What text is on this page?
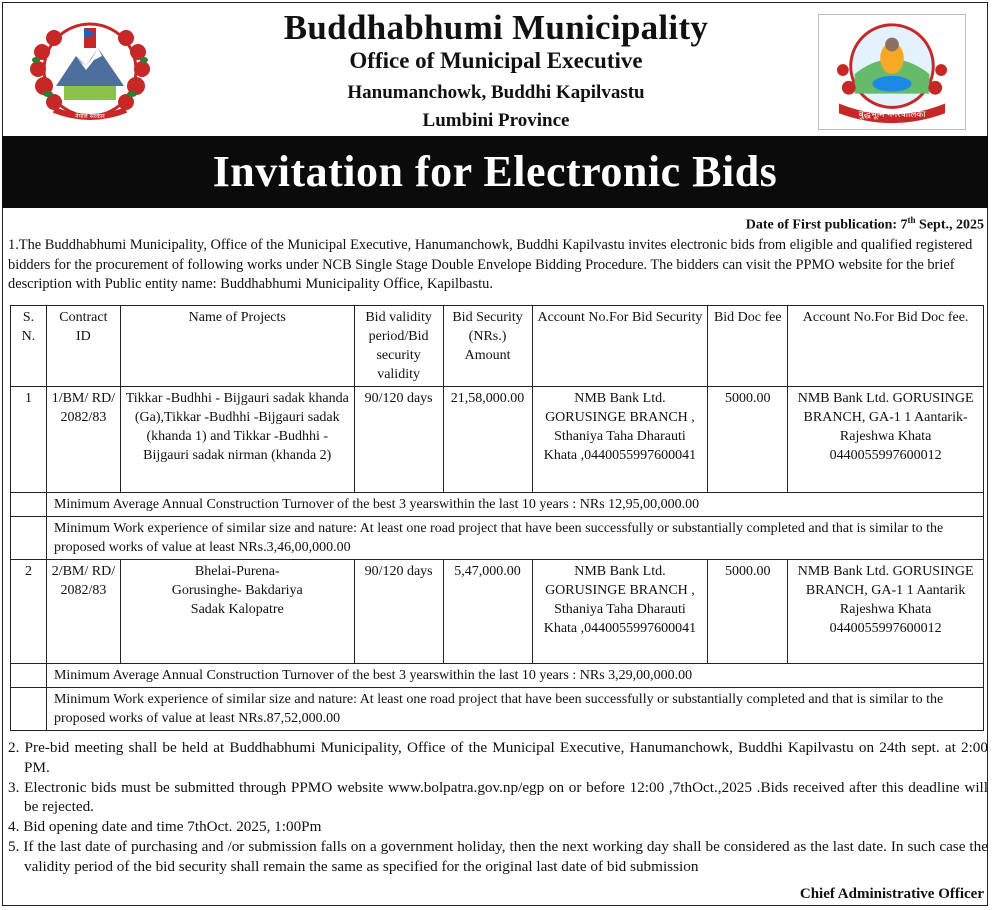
नेपाल सरकार
Buddhabhumi Municipality
Office of Municipal Executive
Hanumanchowk, Buddhi Kapilvastu
Lumbini Province	बुद्धभूमि नगरपालिका
Invitation for Electronic Bids
Date of First publication: 7th Sept., 2025

1.The Buddhabhumi Municipality, Office of the Municipal Executive, Hanumanchowk, Buddhi Kapilvastu invites electronic bids from eligible and qualified registered bidders for the procurement of following works under NCB Single Stage Double Envelope Bidding Procedure. The bidders can visit the PPMO website for the brief description with Public entity name: Buddhabhumi Municipality Office, Kapilbastu.

S. N.	Contract ID	Name of Projects	Bid validity period/Bid security validity	Bid Security (NRs.) Amount	Account No.For Bid Security	Bid Doc fee	Account No.For Bid Doc fee.
1	1/BM/ RD/ 2082/83	Tikkar -Budhhi - Bijgauri sadak khanda (Ga),Tikkar -Budhhi -Bijgauri sadak (khanda 1) and Tikkar -Budhhi -Bijgauri sadak nirman (khanda 2)	90/120 days	21,58,000.00	NMB Bank Ltd. GORUSINGE BRANCH , Sthaniya Taha Dharauti Khata ,0440055997600041	5000.00	NMB Bank Ltd. GORUSINGE BRANCH, GA-1 1 Aantarik- Rajeshwa Khata 0440055997600012
	Minimum Average Annual Construction Turnover of the best 3 yearswithin the last 10 years : NRs 12,95,00,000.00						
	Minimum Work experience of similar size and nature: At least one road project that have been successfully or substantially completed and that is similar to the proposed works of value at least NRs.3,46,00,000.00						
2	2/BM/ RD/ 2082/83	Bhelai-Purena- Gorusinghe- Bakdariya Sadak Kalopatre	90/120 days	5,47,000.00	NMB Bank Ltd. GORUSINGE BRANCH , Sthaniya Taha Dharauti Khata ,0440055997600041	5000.00	NMB Bank Ltd. GORUSINGE BRANCH, GA-1 1 Aantarik Rajeshwa Khata 0440055997600012
	Minimum Average Annual Construction Turnover of the best 3 yearswithin the last 10 years : NRs 3,29,00,000.00						
	Minimum Work experience of similar size and nature: At least one road project that have been successfully or substantially completed and that is similar to the proposed works of value at least NRs.87,52,000.00						

2. Pre-bid meeting shall be held at Buddhabhumi Municipality, Office of the Municipal Executive, Hanumanchowk, Buddhi Kapilvastu on 24th sept. at 2:00 PM.

3. Electronic bids must be submitted through PPMO website www.bolpatra.gov.np/egp on or before 12:00 ,7thOct.,2025 .Bids received after this deadline will be rejected.

4. Bid opening date and time 7thOct. 2025, 1:00Pm

5. If the last date of purchasing and /or submission falls on a government holiday, then the next working day shall be considered as the last date. In such case the validity period of the bid security shall remain the same as specified for the original last date of bid submission

Chief Administrative Officer
